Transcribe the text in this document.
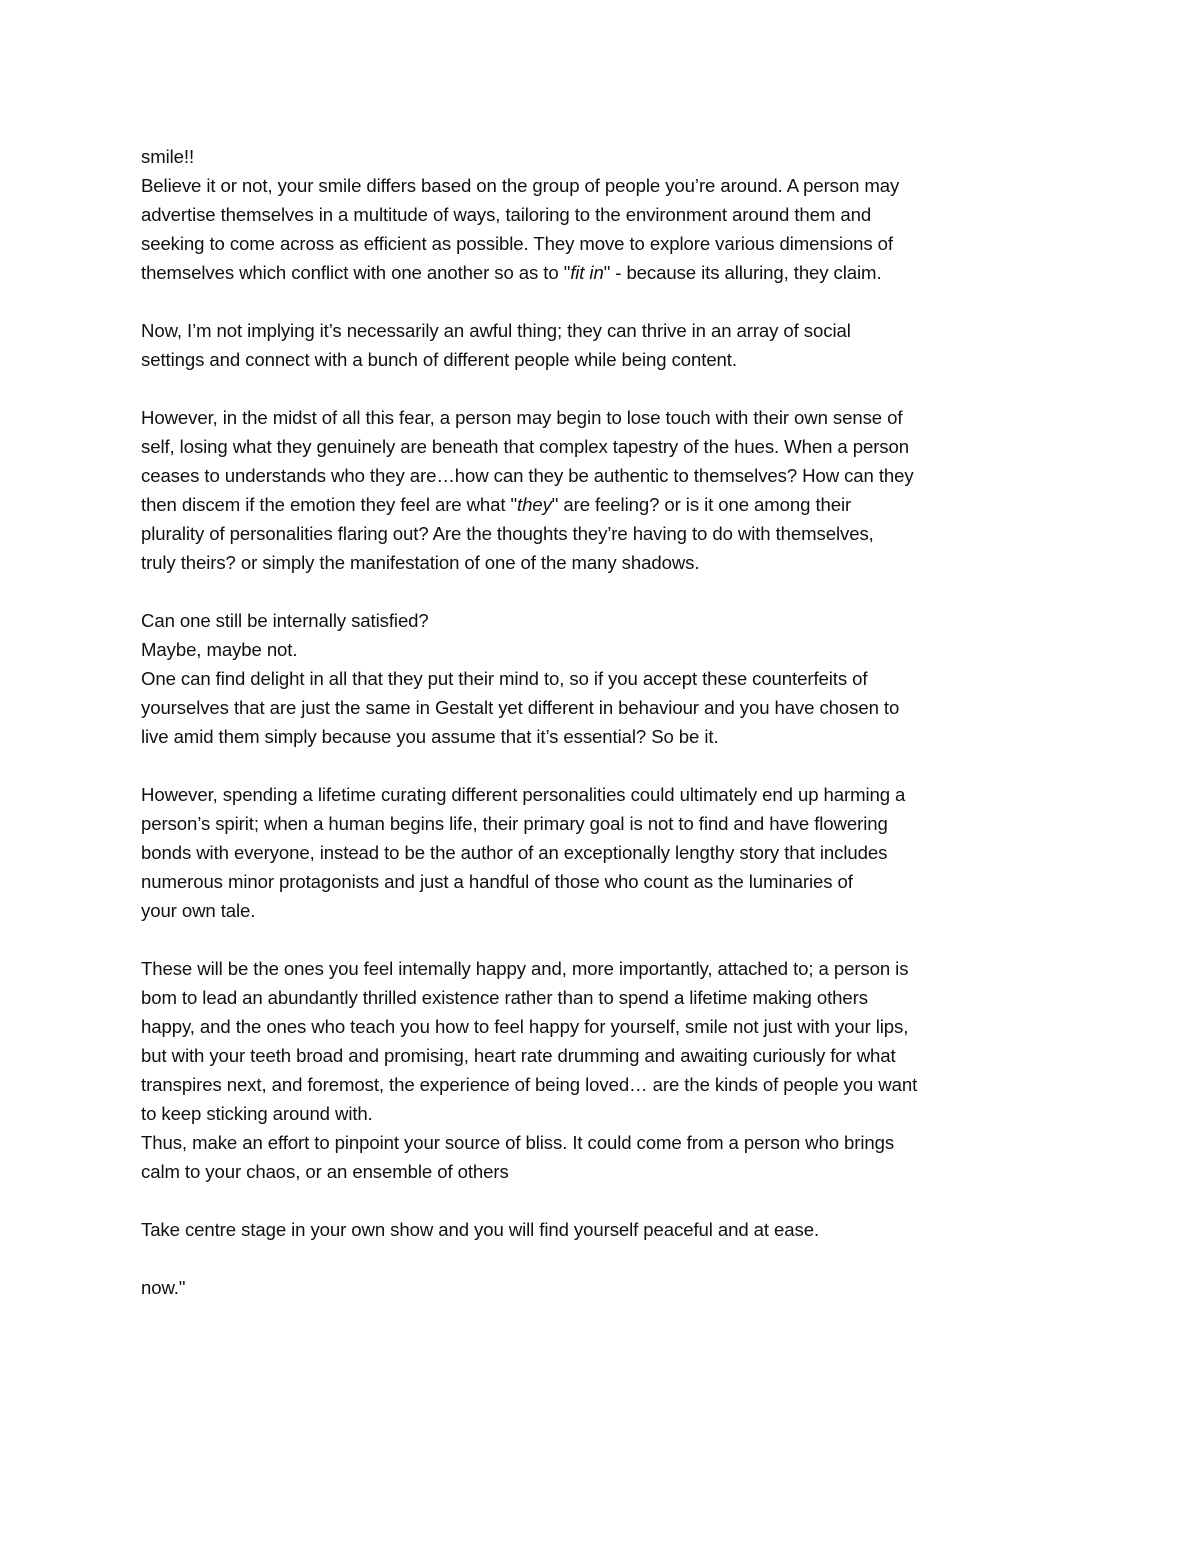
smile!!
Believe it or not, your smile differs based on the group of people you’re around. A person may
advertise themselves in a multitude of ways, tailoring to the environment around them and
seeking to come across as efficient as possible. They move to explore various dimensions of
themselves which conflict with one another so as to "fit in" - because its alluring, they claim.
Now, I’m not implying it’s necessarily an awful thing; they can thrive in an array of social
settings and connect with a bunch of different people while being content.
However, in the midst of all this fear, a person may begin to lose touch with their own sense of
self, losing what they genuinely are beneath that complex tapestry of the hues. When a person
ceases to understands who they are…how can they be authentic to themselves? How can they
then discem if the emotion they feel are what "they" are feeling? or is it one among their
plurality of personalities flaring out? Are the thoughts they’re having to do with themselves,
truly theirs? or simply the manifestation of one of the many shadows.
Can one still be internally satisfied?
Maybe, maybe not.
One can find delight in all that they put their mind to, so if you accept these counterfeits of
yourselves that are just the same in Gestalt yet different in behaviour and you have chosen to
live amid them simply because you assume that it’s essential? So be it.
However, spending a lifetime curating different personalities could ultimately end up harming a
person’s spirit; when a human begins life, their primary goal is not to find and have flowering
bonds with everyone, instead to be the author of an exceptionally lengthy story that includes
numerous minor protagonists and just a handful of those who count as the luminaries of
your own tale.
These will be the ones you feel intemally happy and, more importantly, attached to; a person is
bom to lead an abundantly thrilled existence rather than to spend a lifetime making others
happy, and the ones who teach you how to feel happy for yourself, smile not just with your lips,
but with your teeth broad and promising, heart rate drumming and awaiting curiously for what
transpires next, and foremost, the experience of being loved… are the kinds of people you want
to keep sticking around with.
Thus, make an effort to pinpoint your source of bliss. It could come from a person who brings
calm to your chaos, or an ensemble of others
Take centre stage in your own show and you will find yourself peaceful and at ease.
now."
